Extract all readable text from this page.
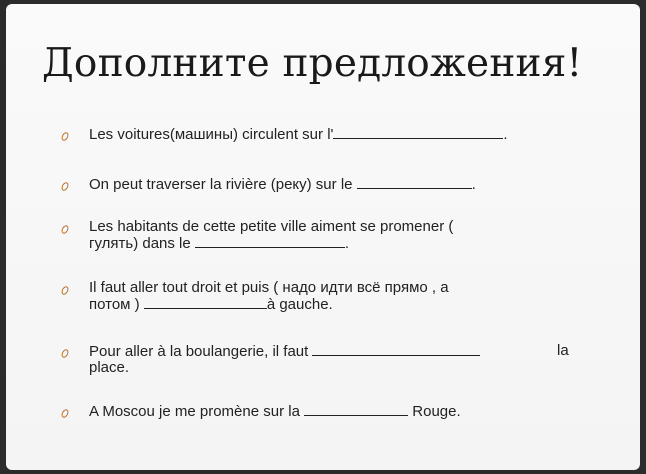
Дополните предложения!
Les voitures(машины) circulent sur l'	.
On peut traverser la rivière (реку) sur le	.
Les habitants de cette petite ville aiment se promener (
гулять) dans le	.
Il faut aller tout droit et puis ( надо идти всё прямо , а
потом )	à gauche.
Pour aller à la boulangerie, il faut	la

place.
A Moscou je me promène sur la	Rouge.
